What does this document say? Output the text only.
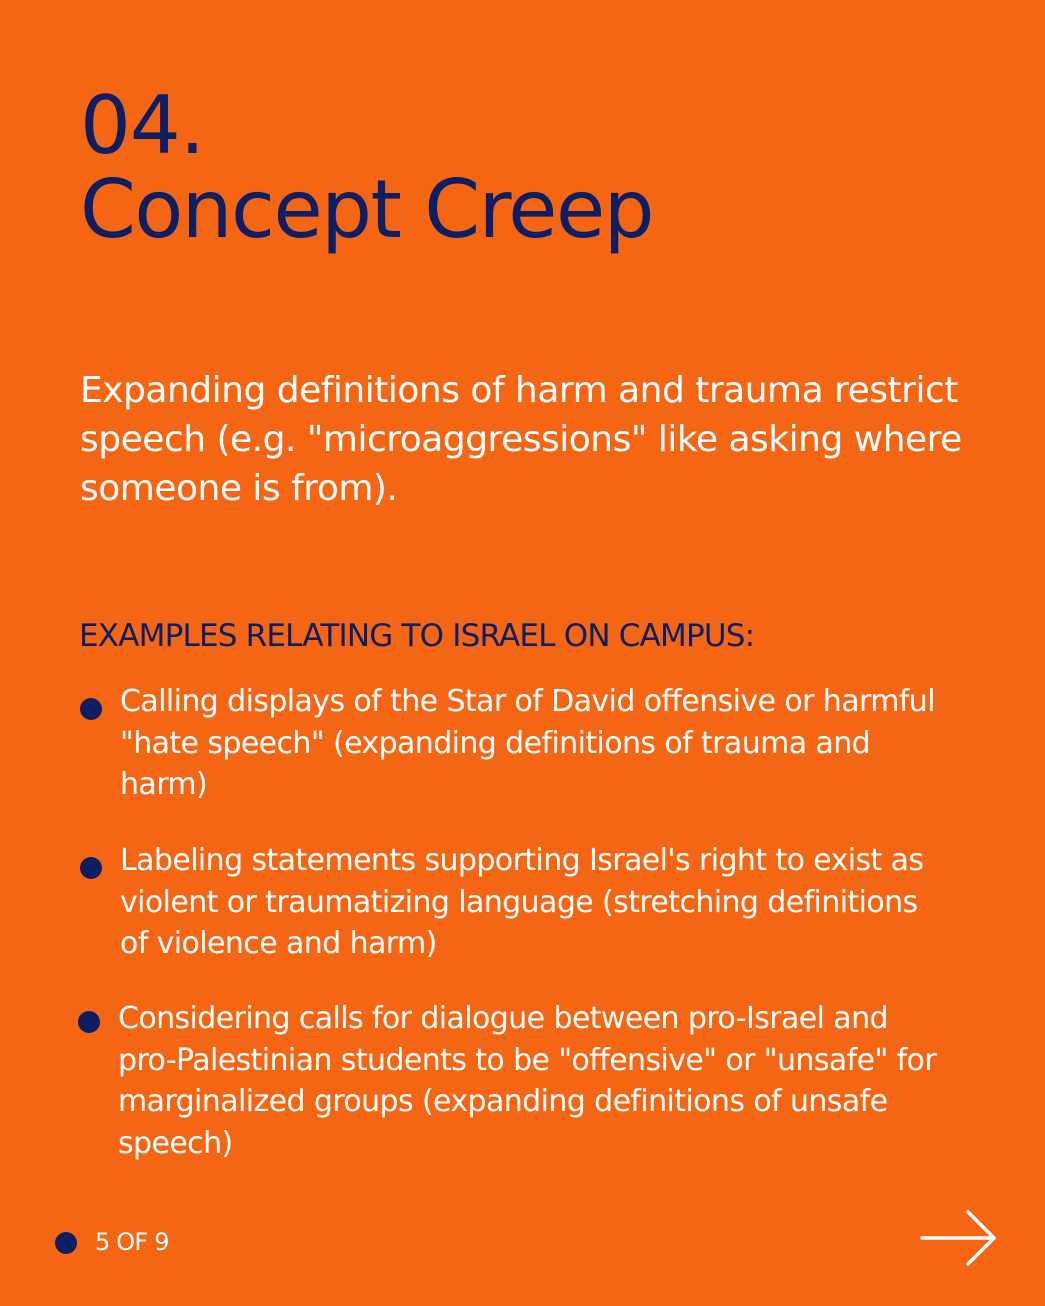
04.
Concept Creep

Expanding definitions of harm and trauma restrict speech (e.g. "microaggressions" like asking where someone is from).

EXAMPLES RELATING TO ISRAEL ON CAMPUS:
Calling displays of the Star of David offensive or harmful "hate speech" (expanding definitions of trauma and harm)
Labeling statements supporting Israel's right to exist as violent or traumatizing language (stretching definitions of violence and harm)
Considering calls for dialogue between pro-Israel and pro-Palestinian students to be "offensive" or "unsafe" for marginalized groups (expanding definitions of unsafe speech)
5 OF 9
